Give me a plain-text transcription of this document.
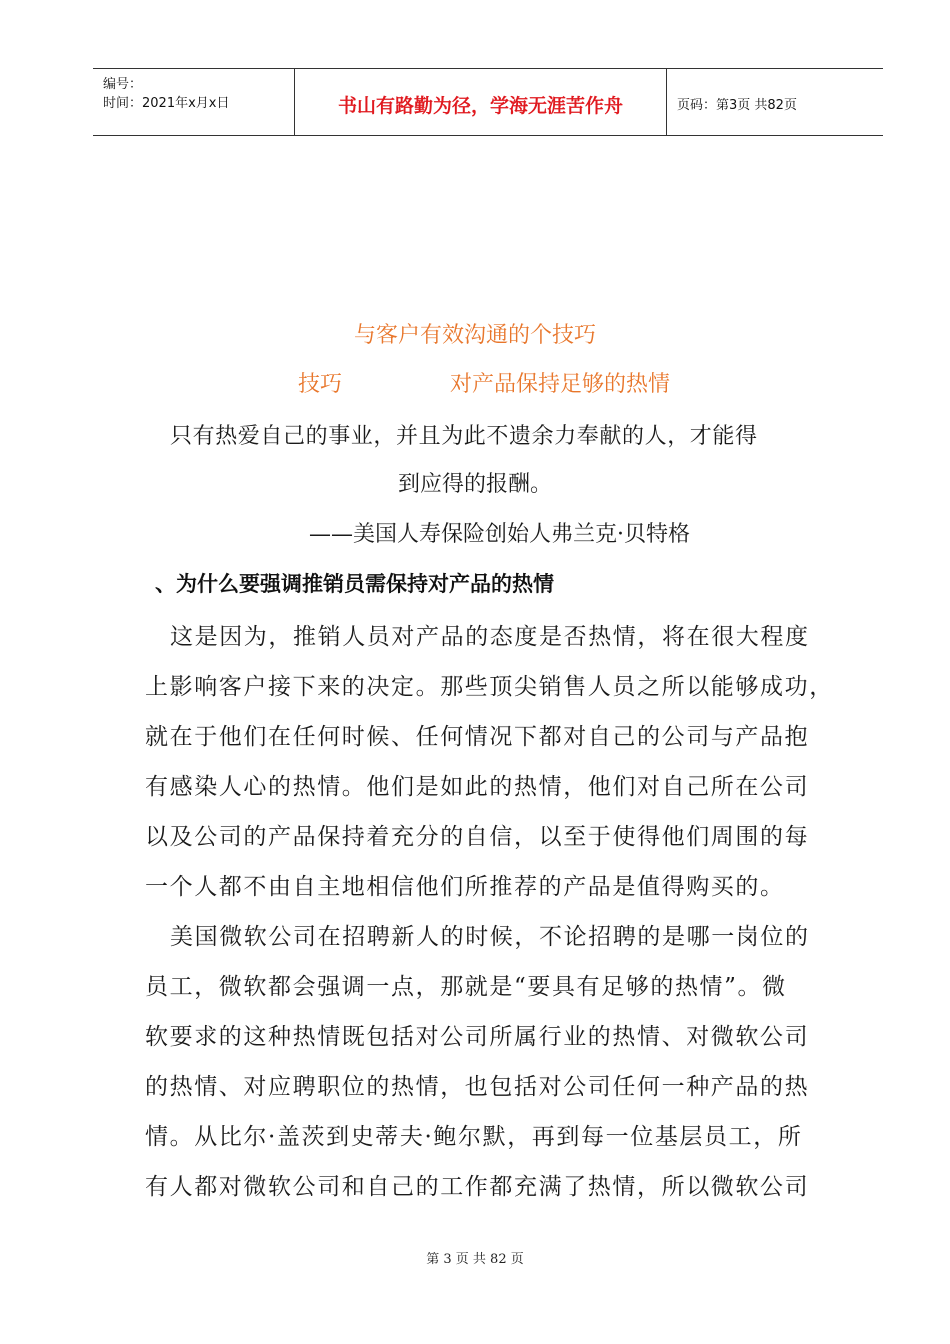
编号：
时间：2021年x月x日	书山有路勤为径，学海无涯苦作舟	页码：第3页 共82页
与客户有效沟通的个技巧
技巧	对产品保持足够的热情
只有热爱自己的事业，并且为此不遗余力奉献的人，才能得
到应得的报酬。
——美国人寿保险创始人弗兰克·贝特格
、为什么要强调推销员需保持对产品的热情
这是因为，推销人员对产品的态度是否热情，将在很大程度
上影响客户接下来的决定。那些顶尖销售人员之所以能够成功，
就在于他们在任何时候、任何情况下都对自己的公司与产品抱
有感染人心的热情。他们是如此的热情，他们对自己所在公司
以及公司的产品保持着充分的自信，以至于使得他们周围的每
一个人都不由自主地相信他们所推荐的产品是值得购买的。
美国微软公司在招聘新人的时候，不论招聘的是哪一岗位的
员工，微软都会强调一点，那就是“要具有足够的热情”。微
软要求的这种热情既包括对公司所属行业的热情、对微软公司
的热情、对应聘职位的热情，也包括对公司任何一种产品的热
情。从比尔·盖茨到史蒂夫·鲍尔默，再到每一位基层员工，所
有人都对微软公司和自己的工作都充满了热情，所以微软公司
第 3 页 共 82 页
